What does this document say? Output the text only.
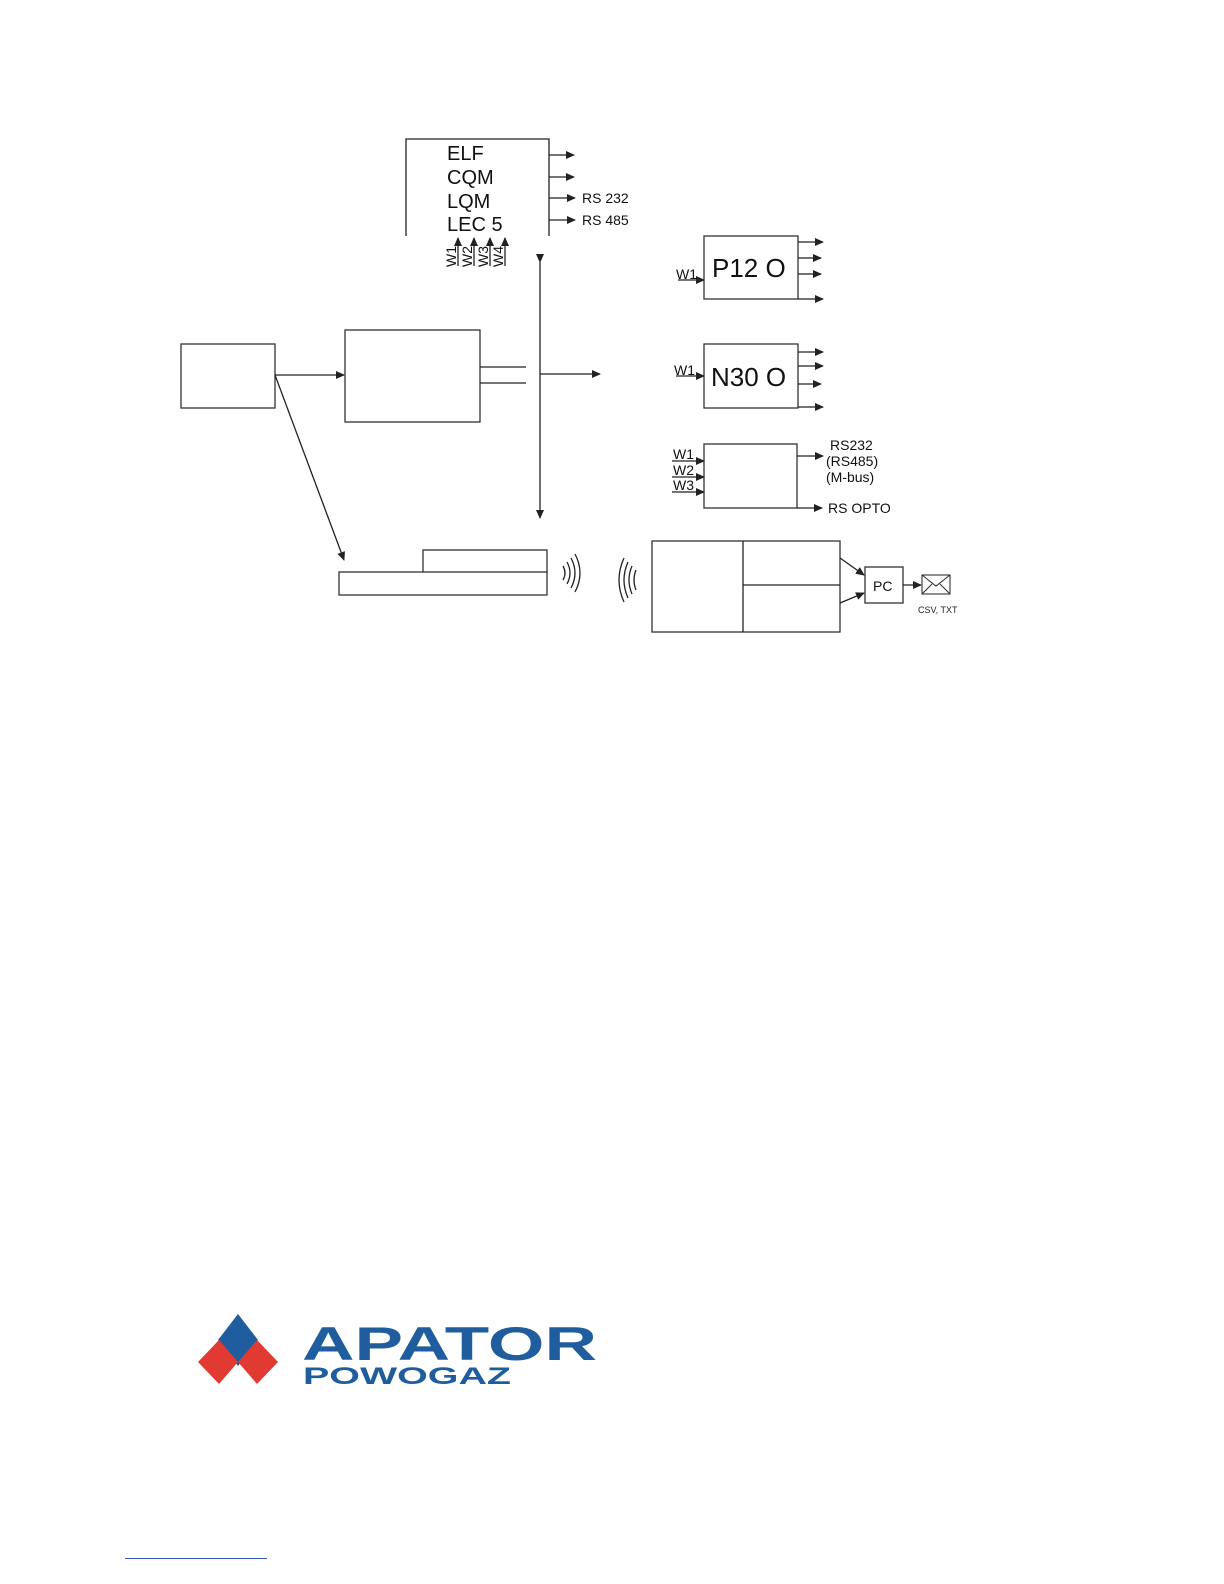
ELF
CQM
LQM
LEC 5
RS 232
RS 485
W1 W2 W3 W4	P12 O
W1
N30 O
W1
W1
W2
W3
RS232
(RS485)
(M-bus)
RS OPTO
PC
CSV, TXT
APATOR
POWOGAZ
